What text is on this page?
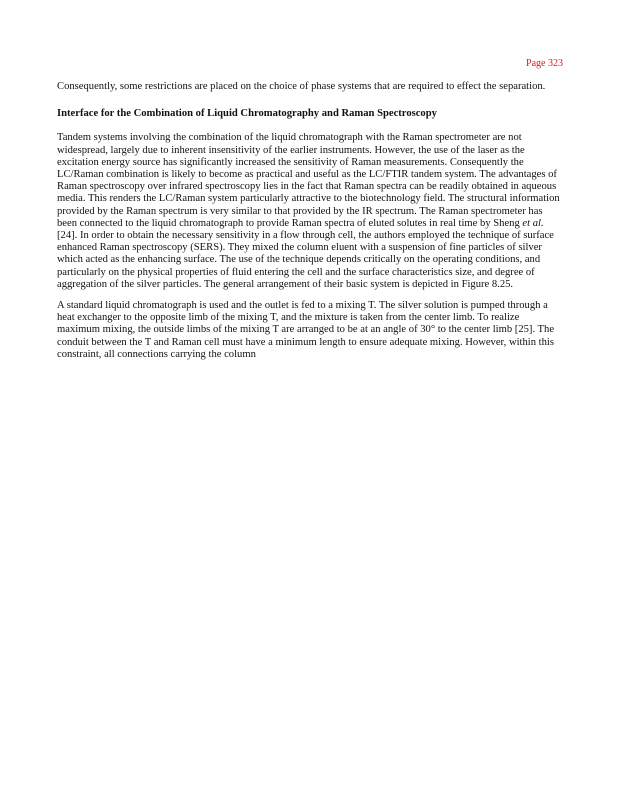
Page 323

Consequently, some restrictions are placed on the choice of phase systems that are required to effect the separation.

Interface for the Combination of Liquid Chromatography and Raman Spectroscopy

Tandem systems involving the combination of the liquid chromatograph with the Raman spectrometer are not widespread, largely due to inherent insensitivity of the earlier instruments. However, the use of the laser as the excitation energy source has significantly increased the sensitivity of Raman measurements. Consequently the LC/Raman combination is likely to become as practical and useful as the LC/FTIR tandem system. The advantages of Raman spectroscopy over infrared spectroscopy lies in the fact that Raman spectra can be readily obtained in aqueous media. This renders the LC/Raman system particularly attractive to the biotechnology field. The structural information provided by the Raman spectrum is very similar to that provided by the IR spectrum. The Raman spectrometer has been connected to the liquid chromatograph to provide Raman spectra of eluted solutes in real time by Sheng et al. [24]. In order to obtain the necessary sensitivity in a flow through cell, the authors employed the technique of surface enhanced Raman spectroscopy (SERS). They mixed the column eluent with a suspension of fine particles of silver which acted as the enhancing surface. The use of the technique depends critically on the operating conditions, and particularly on the physical properties of fluid entering the cell and the surface characteristics size, and degree of aggregation of the silver particles. The general arrangement of their basic system is depicted in Figure 8.25.

A standard liquid chromatograph is used and the outlet is fed to a mixing T. The silver solution is pumped through a heat exchanger to the opposite limb of the mixing T, and the mixture is taken from the center limb. To realize maximum mixing, the outside limbs of the mixing T are arranged to be at an angle of 30° to the center limb [25]. The conduit between the T and Raman cell must have a minimum length to ensure adequate mixing. However, within this constraint, all connections carrying the column
